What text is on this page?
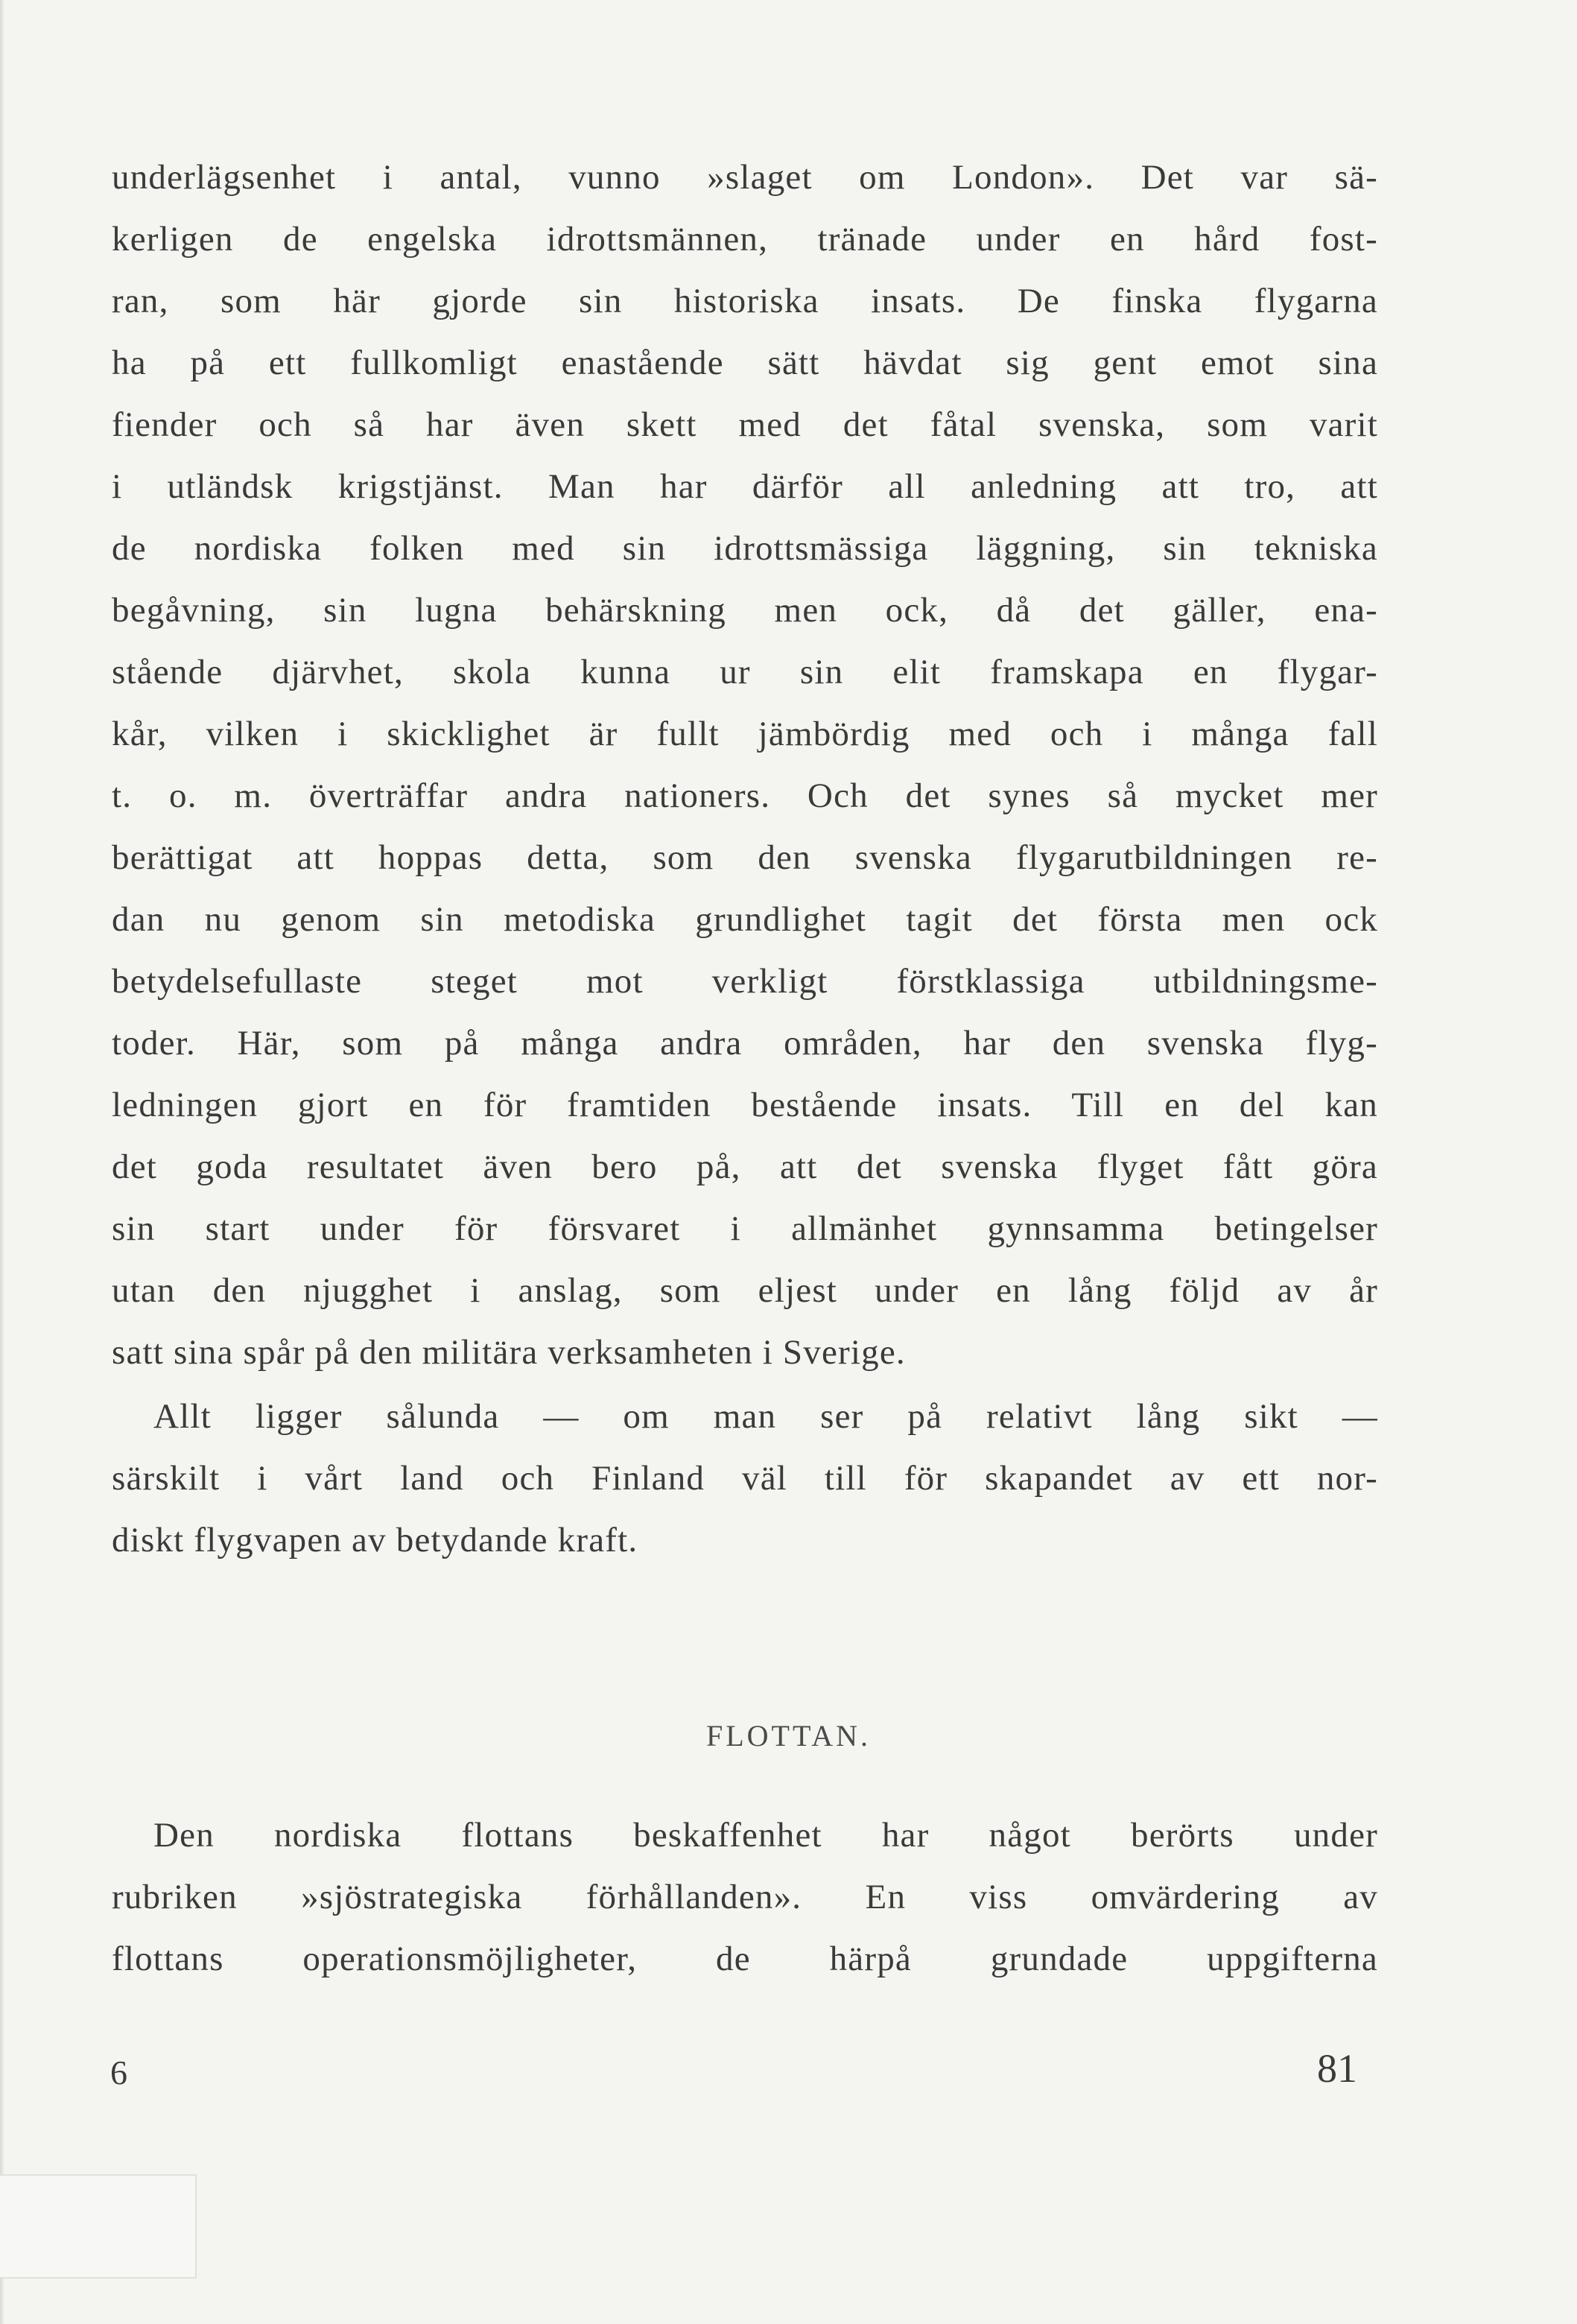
underlägsenhet i antal, vunno »slaget om London». Det var sä-
kerligen de engelska idrottsmännen, tränade under en hård fost-
ran, som här gjorde sin historiska insats. De finska flygarna
ha på ett fullkomligt enastående sätt hävdat sig gent emot sina
fiender och så har även skett med det fåtal svenska, som varit
i utländsk krigstjänst. Man har därför all anledning att tro, att
de nordiska folken med sin idrottsmässiga läggning, sin tekniska
begåvning, sin lugna behärskning men ock, då det gäller, ena-
stående djärvhet, skola kunna ur sin elit framskapa en flygar-
kår, vilken i skicklighet är fullt jämbördig med och i många fall
t. o. m. överträffar andra nationers. Och det synes så mycket mer
berättigat att hoppas detta, som den svenska flygarutbildningen re-
dan nu genom sin metodiska grundlighet tagit det första men ock
betydelsefullaste steget mot verkligt förstklassiga utbildningsme-
toder. Här, som på många andra områden, har den svenska flyg-
ledningen gjort en för framtiden bestående insats. Till en del kan
det goda resultatet även bero på, att det svenska flyget fått göra
sin start under för försvaret i allmänhet gynnsamma betingelser
utan den njugghet i anslag, som eljest under en lång följd av år
satt sina spår på den militära verksamheten i Sverige.
Allt ligger sålunda — om man ser på relativt lång sikt —
särskilt i vårt land och Finland väl till för skapandet av ett nor-
diskt flygvapen av betydande kraft.
FLOTTAN.
Den nordiska flottans beskaffenhet har något berörts under
rubriken »sjöstrategiska förhållanden». En viss omvärdering av
flottans operationsmöjligheter, de härpå grundade uppgifterna
6	81
